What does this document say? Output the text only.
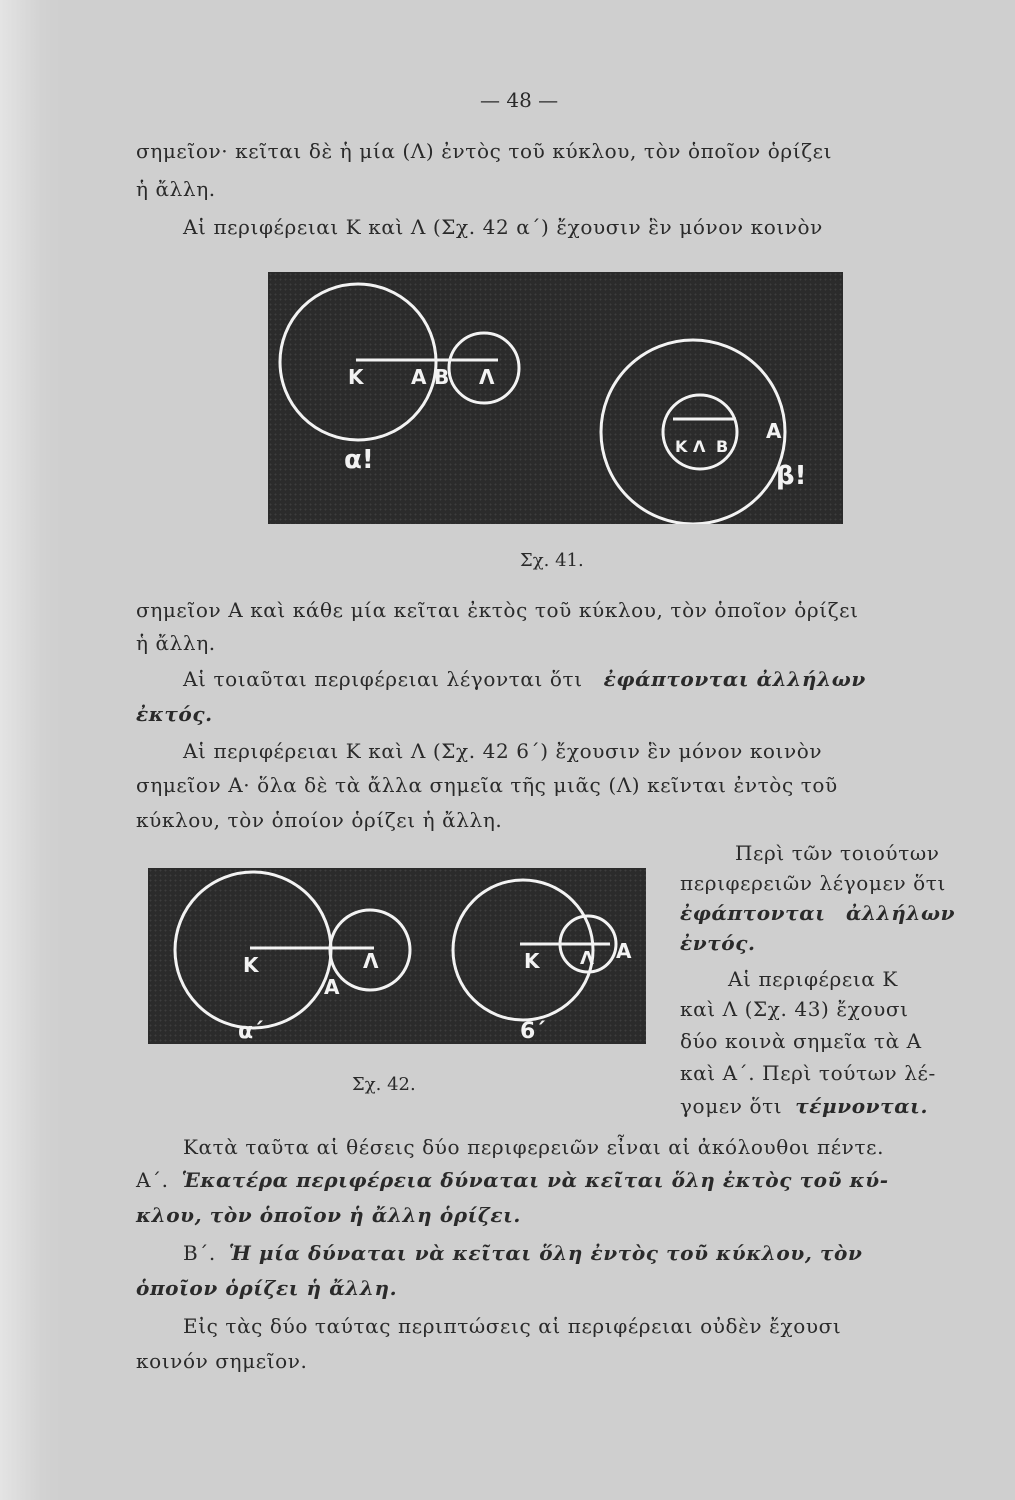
— 48 —
σημεῖον· κεῖται δὲ ἡ μία (Λ) ἐντὸς τοῦ κύκλου, τὸν ὁποῖον ὁρίζει
ἡ ἄλλη.
Αἱ περιφέρειαι Κ καὶ Λ (Σχ. 42 α΄) ἔχουσιν ἓν μόνον κοινὸν
Κ Α Β Λ
α!	Κ Λ Β
Α
β!
Σχ. 41.
σημεῖον Α καὶ κάθε μία κεῖται ἐκτὸς τοῦ κύκλου, τὸν ὁποῖον ὁρίζει
ἡ ἄλλη.
Αἱ τοιαῦται περιφέρειαι λέγονται ὅτι ἐφάπτονται ἀλλήλων
ἐκτός.
Αἱ περιφέρειαι Κ καὶ Λ (Σχ. 42 6΄) ἔχουσιν ἓν μόνον κοινὸν
σημεῖον Α· ὅλα δὲ τὰ ἄλλα σημεῖα τῆς μιᾶς (Λ) κεῖνται ἐντὸς τοῦ
κύκλου, τὸν ὁποίον ὁρίζει ἡ ἄλλη.
Κ	Λ
Α
α΄
Κ Λ Α
6΄
Σχ. 42.
Περὶ τῶν τοιούτων
περιφερειῶν λέγομεν ὅτι
ἐφάπτονται ἀλλήλων
ἐντός.
Αἱ περιφέρεια Κ
καὶ Λ (Σχ. 43) ἔχουσι
δύο κοινὰ σημεῖα τὰ Α
καὶ Α΄. Περὶ τούτων λέ-
γομεν ὅτι τέμνονται.
Κατὰ ταῦτα αἱ θέσεις δύο περιφερειῶν εἶναι αἱ ἀκόλουθοι πέντε.
Α΄. Ἑκατέρα περιφέρεια δύναται νὰ κεῖται ὅλη ἐκτὸς τοῦ κύ-
κλου, τὸν ὁποῖον ἡ ἄλλη ὁρίζει.
Β΄. Ἡ μία δύναται νὰ κεῖται ὅλη ἐντὸς τοῦ κύκλου, τὸν
ὁποῖον ὁρίζει ἡ ἄλλη.
Εἰς τὰς δύο ταύτας περιπτώσεις αἱ περιφέρειαι οὐδὲν ἔχουσι
κοινόν σημεῖον.
